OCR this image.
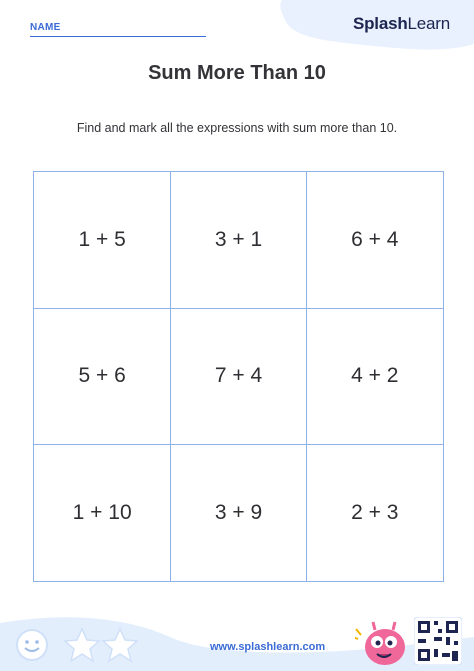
NAME	SplashLearn
Sum More Than 10
Find and mark all the expressions with sum more than 10.
1 + 5	3 + 1	6 + 4
5 + 6	7 + 4	4 + 2
1 + 10	3 + 9	2 + 3
www.splashlearn.com
